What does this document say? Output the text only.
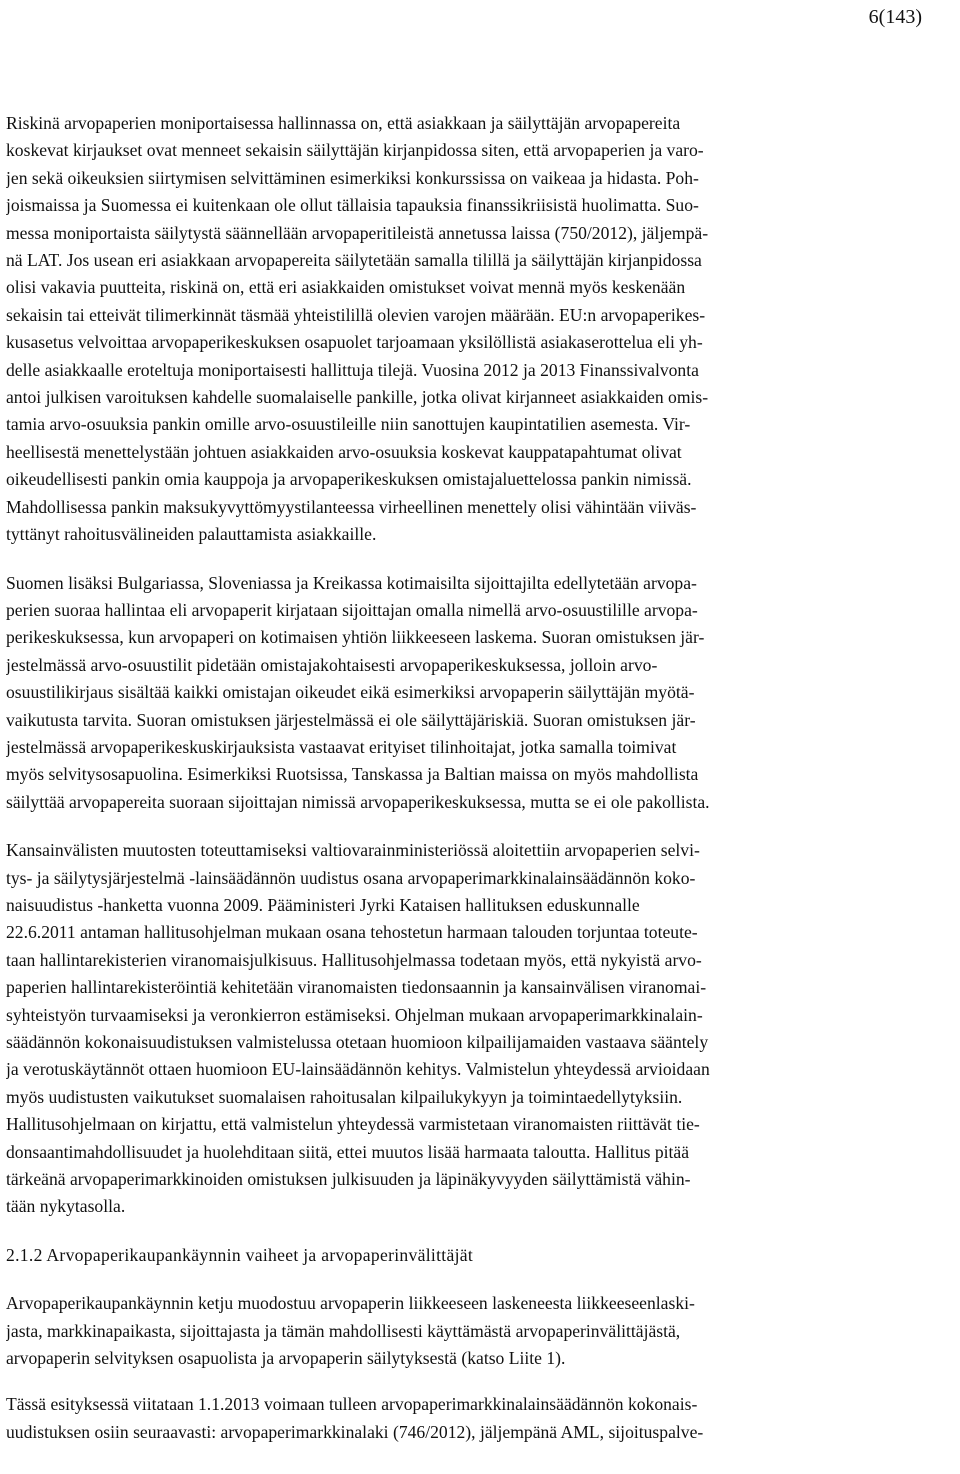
6(143)

Riskinä arvopaperien moniportaisessa hallinnassa on, että asiakkaan ja säilyttäjän arvopapereita
koskevat kirjaukset ovat menneet sekaisin säilyttäjän kirjanpidossa siten, että arvopaperien ja varo-
jen sekä oikeuksien siirtymisen selvittäminen esimerkiksi konkurssissa on vaikeaa ja hidasta. Poh-
joismaissa ja Suomessa ei kuitenkaan ole ollut tällaisia tapauksia finanssikriisistä huolimatta. Suo-
messa moniportaista säilytystä säännellään arvopaperitileistä annetussa laissa (750/2012), jäljempä-
nä LAT. Jos usean eri asiakkaan arvopapereita säilytetään samalla tilillä ja säilyttäjän kirjanpidossa
olisi vakavia puutteita, riskinä on, että eri asiakkaiden omistukset voivat mennä myös keskenään
sekaisin tai etteivät tilimerkinnät täsmää yhteistilillä olevien varojen määrään. EU:n arvopaperikes-
kusasetus velvoittaa arvopaperikeskuksen osapuolet tarjoamaan yksilöllistä asiakaserottelua eli yh-
delle asiakkaalle eroteltuja moniportaisesti hallittuja tilejä. Vuosina 2012 ja 2013 Finanssivalvonta
antoi julkisen varoituksen kahdelle suomalaiselle pankille, jotka olivat kirjanneet asiakkaiden omis-
tamia arvo-osuuksia pankin omille arvo-osuustileille niin sanottujen kaupintatilien asemesta. Vir-
heellisestä menettelystään johtuen asiakkaiden arvo-osuuksia koskevat kauppatapahtumat olivat
oikeudellisesti pankin omia kauppoja ja arvopaperikeskuksen omistajaluettelossa pankin nimissä.
Mahdollisessa pankin maksukyvyttömyystilanteessa virheellinen menettely olisi vähintään viiväs-
tyttänyt rahoitusvälineiden palauttamista asiakkaille.

Suomen lisäksi Bulgariassa, Sloveniassa ja Kreikassa kotimaisilta sijoittajilta edellytetään arvopa-
perien suoraa hallintaa eli arvopaperit kirjataan sijoittajan omalla nimellä arvo-osuustilille arvopa-
perikeskuksessa, kun arvopaperi on kotimaisen yhtiön liikkeeseen laskema. Suoran omistuksen jär-
jestelmässä arvo-osuustilit pidetään omistajakohtaisesti arvopaperikeskuksessa, jolloin arvo-
osuustilikirjaus sisältää kaikki omistajan oikeudet eikä esimerkiksi arvopaperin säilyttäjän myötä-
vaikutusta tarvita. Suoran omistuksen järjestelmässä ei ole säilyttäjäriskiä. Suoran omistuksen jär-
jestelmässä arvopaperikeskuskirjauksista vastaavat erityiset tilinhoitajat, jotka samalla toimivat
myös selvitysosapuolina. Esimerkiksi Ruotsissa, Tanskassa ja Baltian maissa on myös mahdollista
säilyttää arvopapereita suoraan sijoittajan nimissä arvopaperikeskuksessa, mutta se ei ole pakollista.

Kansainvälisten muutosten toteuttamiseksi valtiovarainministeriössä aloitettiin arvopaperien selvi-
tys- ja säilytysjärjestelmä -lainsäädännön uudistus osana arvopaperimarkkinalainsäädännön koko-
naisuudistus -hanketta vuonna 2009. Pääministeri Jyrki Kataisen hallituksen eduskunnalle
22.6.2011 antaman hallitusohjelman mukaan osana tehostetun harmaan talouden torjuntaa toteute-
taan hallintarekisterien viranomaisjulkisuus. Hallitusohjelmassa todetaan myös, että nykyistä arvo-
paperien hallintarekisteröintiä kehitetään viranomaisten tiedonsaannin ja kansainvälisen viranomai-
syhteistyön turvaamiseksi ja veronkierron estämiseksi. Ohjelman mukaan arvopaperimarkkinalain-
säädännön kokonaisuudistuksen valmistelussa otetaan huomioon kilpailijamaiden vastaava sääntely
ja verotuskäytännöt ottaen huomioon EU-lainsäädännön kehitys. Valmistelun yhteydessä arvioidaan
myös uudistusten vaikutukset suomalaisen rahoitusalan kilpailukykyyn ja toimintaedellytyksiin.
Hallitusohjelmaan on kirjattu, että valmistelun yhteydessä varmistetaan viranomaisten riittävät tie-
donsaantimahdollisuudet ja huolehditaan siitä, ettei muutos lisää harmaata taloutta. Hallitus pitää
tärkeänä arvopaperimarkkinoiden omistuksen julkisuuden ja läpinäkyvyyden säilyttämistä vähin-
tään nykytasolla.

2.1.2 Arvopaperikaupankäynnin vaiheet ja arvopaperinvälittäjät

Arvopaperikaupankäynnin ketju muodostuu arvopaperin liikkeeseen laskeneesta liikkeeseenlaski-
jasta, markkinapaikasta, sijoittajasta ja tämän mahdollisesti käyttämästä arvopaperinvälittäjästä,
arvopaperin selvityksen osapuolista ja arvopaperin säilytyksestä (katso Liite 1).

Tässä esityksessä viitataan 1.1.2013 voimaan tulleen arvopaperimarkkinalainsäädännön kokonais-
uudistuksen osiin seuraavasti: arvopaperimarkkinalaki (746/2012), jäljempänä AML, sijoituspalve-
